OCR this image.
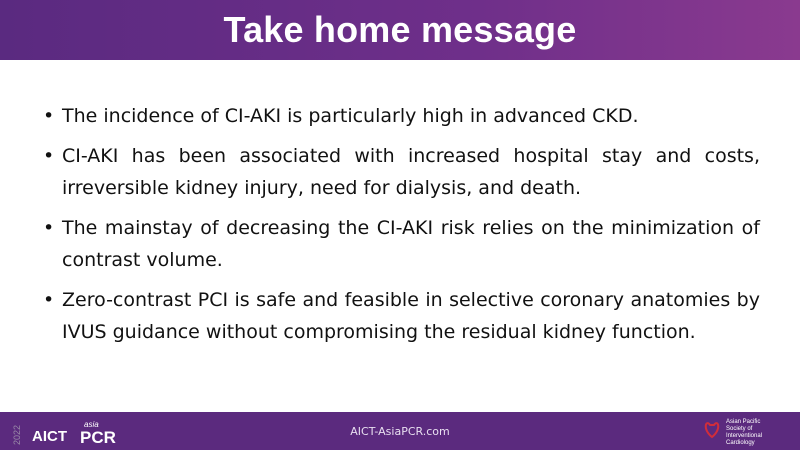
Take home message
• The incidence of CI-AKI is particularly high in advanced CKD.
• CI-AKI has been associated with increased hospital stay and costs, irreversible kidney injury, need for dialysis, and death.
• The mainstay of decreasing the CI-AKI risk relies on the minimization of contrast volume.
• Zero-contrast PCI is safe and feasible in selective coronary anatomies by IVUS guidance without compromising the residual kidney function.
AICT-AsiaPCR.com
2022 AICT
asia
PCR
Asian Pacific
Society of
Interventional
Cardiology
